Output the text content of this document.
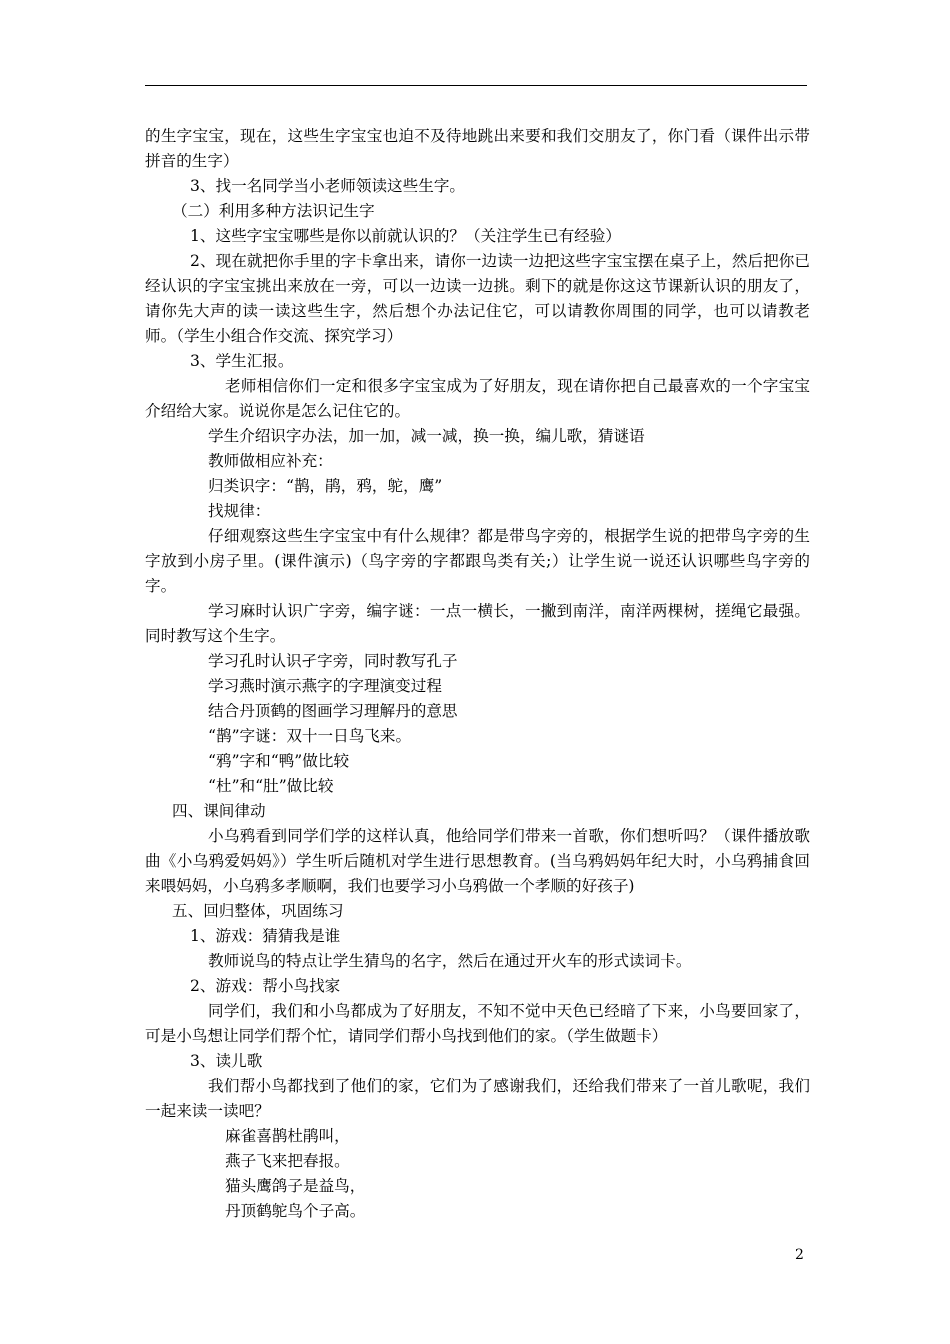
的生字宝宝，现在，这些生字宝宝也迫不及待地跳出来要和我们交朋友了，你门看（课件出示带拼音的生字）

3、找一名同学当小老师领读这些生字。

（二）利用多种方法识记生字

1、这些字宝宝哪些是你以前就认识的？（关注学生已有经验）

2、现在就把你手里的字卡拿出来，请你一边读一边把这些字宝宝摆在桌子上，然后把你已经认识的字宝宝挑出来放在一旁，可以一边读一边挑。剩下的就是你这这节课新认识的朋友了，请你先大声的读一读这些生字，然后想个办法记住它，可以请教你周围的同学，也可以请教老师。（学生小组合作交流、探究学习）

3、学生汇报。

老师相信你们一定和很多字宝宝成为了好朋友，现在请你把自己最喜欢的一个字宝宝介绍给大家。说说你是怎么记住它的。

学生介绍识字办法，加一加，减一减，换一换，编儿歌，猜谜语

教师做相应补充：

归类识字：“鹊，鹃，鸦，鸵，鹰”

找规律：

仔细观察这些生字宝宝中有什么规律？都是带鸟字旁的，根据学生说的把带鸟字旁的生字放到小房子里。(课件演示)（鸟字旁的字都跟鸟类有关;）让学生说一说还认识哪些鸟字旁的字。

学习麻时认识广字旁，编字谜：一点一横长，一撇到南洋，南洋两棵树，搓绳它最强。同时教写这个生字。

学习孔时认识孑字旁，同时教写孔子

学习燕时演示燕字的字理演变过程

结合丹顶鹤的图画学习理解丹的意思

“鹊”字谜：双十一日鸟飞来。

“鸦”字和“鸭”做比较

“杜”和“肚”做比较

四、课间律动

小乌鸦看到同学们学的这样认真，他给同学们带来一首歌，你们想听吗？（课件播放歌曲《小乌鸦爱妈妈》）学生听后随机对学生进行思想教育。(当乌鸦妈妈年纪大时，小乌鸦捕食回来喂妈妈，小乌鸦多孝顺啊，我们也要学习小乌鸦做一个孝顺的好孩子)

五、回归整体，巩固练习

1、游戏：猜猜我是谁

教师说鸟的特点让学生猜鸟的名字，然后在通过开火车的形式读词卡。

2、游戏：帮小鸟找家

同学们，我们和小鸟都成为了好朋友，不知不觉中天色已经暗了下来，小鸟要回家了，可是小鸟想让同学们帮个忙，请同学们帮小鸟找到他们的家。（学生做题卡）

3、读儿歌

我们帮小鸟都找到了他们的家，它们为了感谢我们，还给我们带来了一首儿歌呢，我们一起来读一读吧？

麻雀喜鹊杜鹃叫，

燕子飞来把春报。

猫头鹰鸽子是益鸟，

丹顶鹤鸵鸟个子高。

2
